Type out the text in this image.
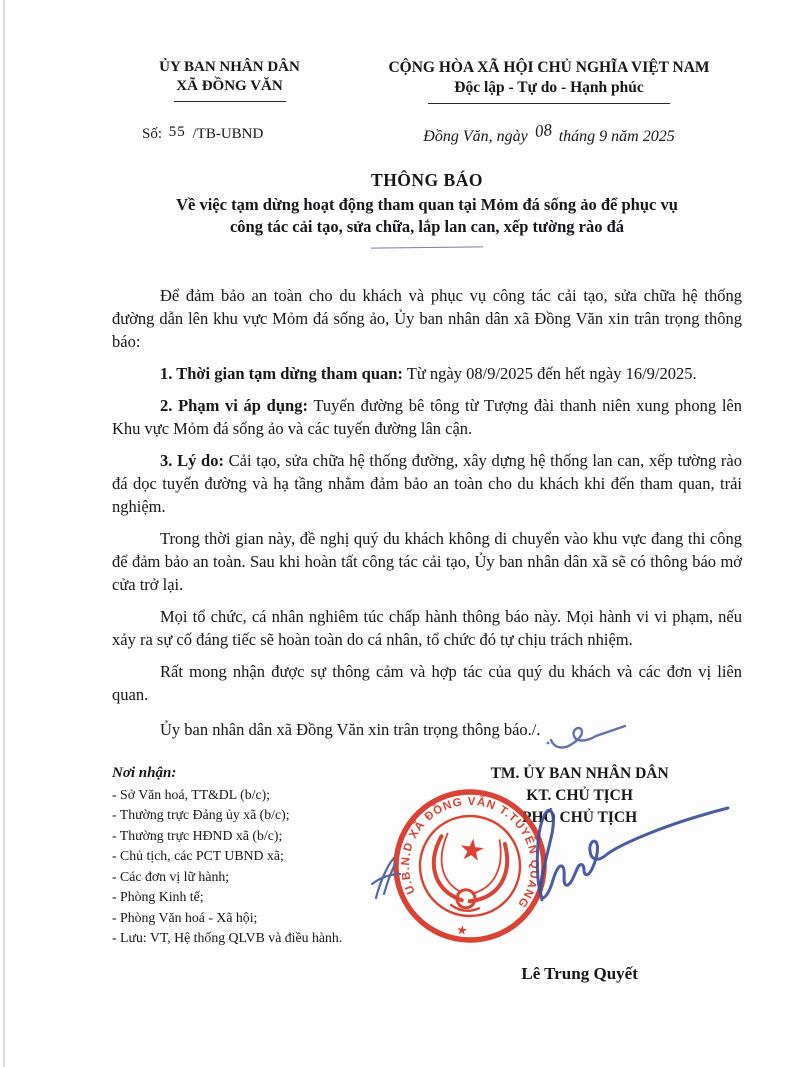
ỦY BAN NHÂN DÂN
XÃ ĐỒNG VĂN
CỘNG HÒA XÃ HỘI CHỦ NGHĨA VIỆT NAM
Độc lập - Tự do - Hạnh phúc
Số: 55 /TB-UBND	Đồng Văn, ngày 08 tháng 9 năm 2025
THÔNG BÁO
Về việc tạm dừng hoạt động tham quan tại Mỏm đá sống ảo để phục vụ
công tác cải tạo, sửa chữa, lắp lan can, xếp tường rào đá

Để đảm bảo an toàn cho du khách và phục vụ công tác cải tạo, sửa chữa hệ thống đường dẫn lên khu vực Mỏm đá sống ảo, Ủy ban nhân dân xã Đồng Văn xin trân trọng thông báo:

1. Thời gian tạm dừng tham quan: Từ ngày 08/9/2025 đến hết ngày 16/9/2025.

2. Phạm vi áp dụng: Tuyến đường bê tông từ Tượng đài thanh niên xung phong lên Khu vực Mỏm đá sống ảo và các tuyến đường lân cận.

3. Lý do: Cải tạo, sửa chữa hệ thống đường, xây dựng hệ thống lan can, xếp tường rào đá dọc tuyến đường và hạ tầng nhằm đảm bảo an toàn cho du khách khi đến tham quan, trải nghiệm.

Trong thời gian này, đề nghị quý du khách không di chuyển vào khu vực đang thi công để đảm bảo an toàn. Sau khi hoàn tất công tác cải tạo, Ủy ban nhân dân xã sẽ có thông báo mở cửa trở lại.

Mọi tổ chức, cá nhân nghiêm túc chấp hành thông báo này. Mọi hành vi vi phạm, nếu xảy ra sự cố đáng tiếc sẽ hoàn toàn do cá nhân, tổ chức đó tự chịu trách nhiệm.

Rất mong nhận được sự thông cảm và hợp tác của quý du khách và các đơn vị liên quan.

Ủy ban nhân dân xã Đồng Văn xin trân trọng thông báo./.

Nơi nhận:
- Sở Văn hoá, TT&DL (b/c);
- Thường trực Đảng ủy xã (b/c);
- Thường trực HĐND xã (b/c);
- Chủ tịch, các PCT UBND xã;
- Các đơn vị lữ hành;
- Phòng Kinh tế;
- Phòng Văn hoá - Xã hội;
- Lưu: VT, Hệ thống QLVB và điều hành.
TM. ỦY BAN NHÂN DÂN
KT. CHỦ TỊCH
PHÓ CHỦ TỊCH
Lê Trung Quyết
★
U.B.N.D XÃ ĐỒNG VĂN T.TUYÊN QUANG
★
